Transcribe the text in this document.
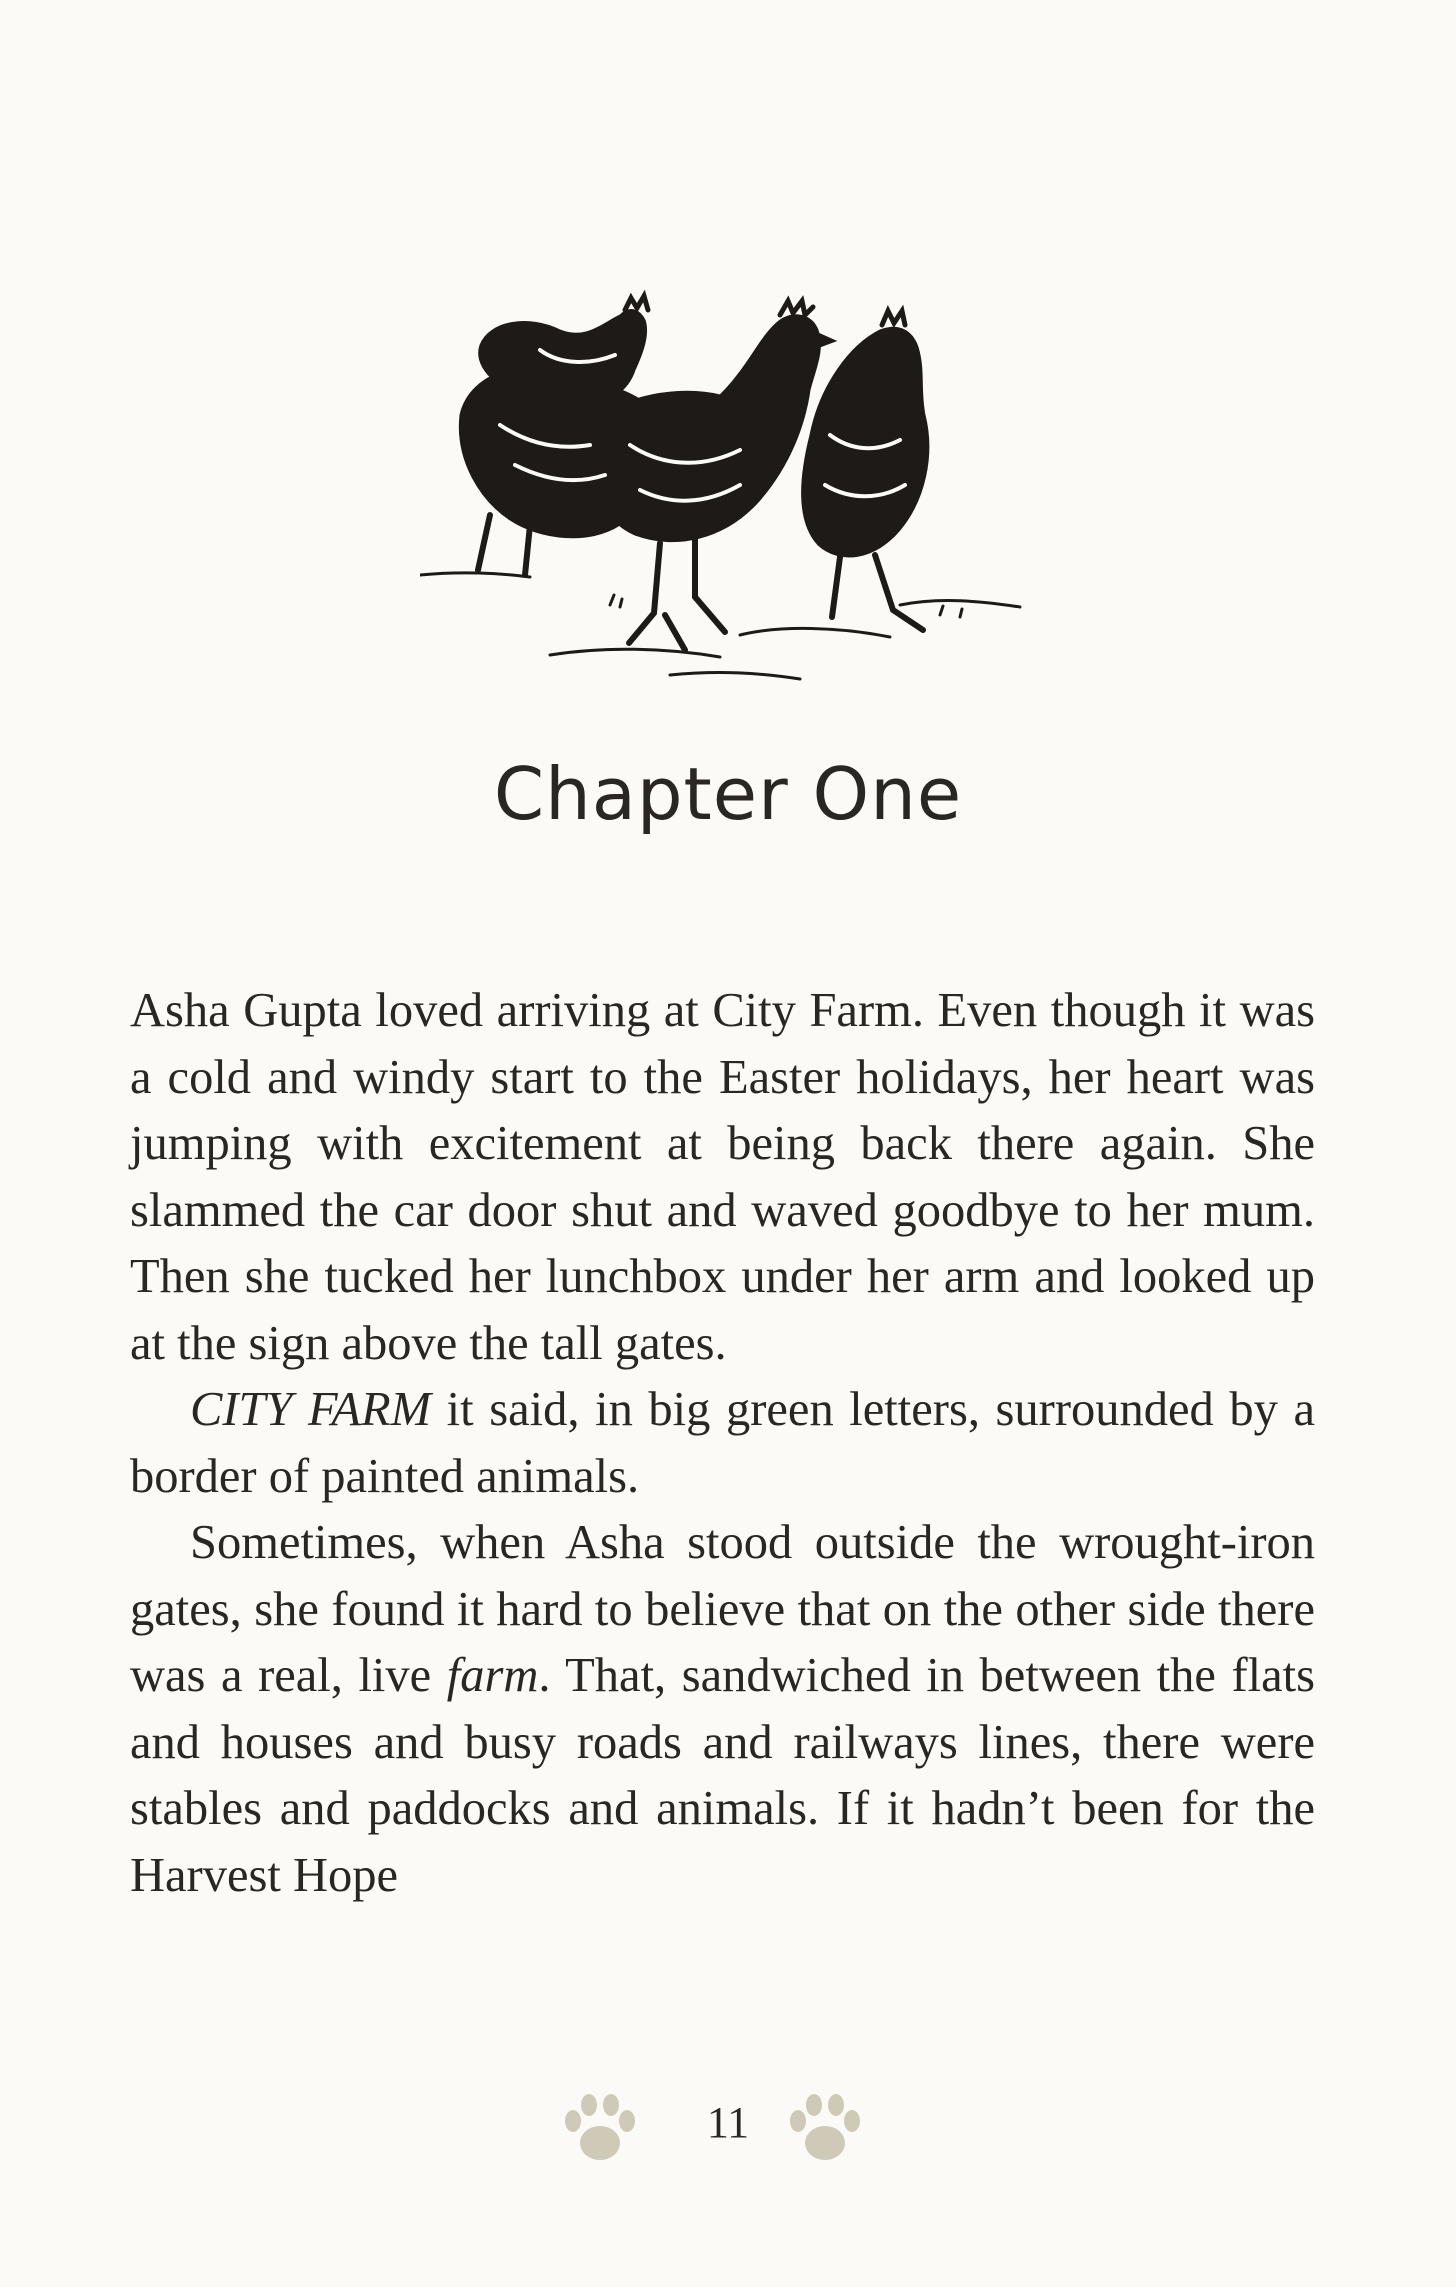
Chapter One

Asha Gupta loved arriving at City Farm. Even though it was a cold and windy start to the Easter holidays, her heart was jumping with excitement at being back there again. She slammed the car door shut and waved goodbye to her mum. Then she tucked her lunchbox under her arm and looked up at the sign above the tall gates.

CITY FARM it said, in big green letters, surrounded by a border of painted animals.

Sometimes, when Asha stood outside the wrought-iron gates, she found it hard to believe that on the other side there was a real, live farm. That, sandwiched in between the flats and houses and busy roads and railways lines, there were stables and paddocks and animals. If it hadn’t been for the Harvest Hope

11
